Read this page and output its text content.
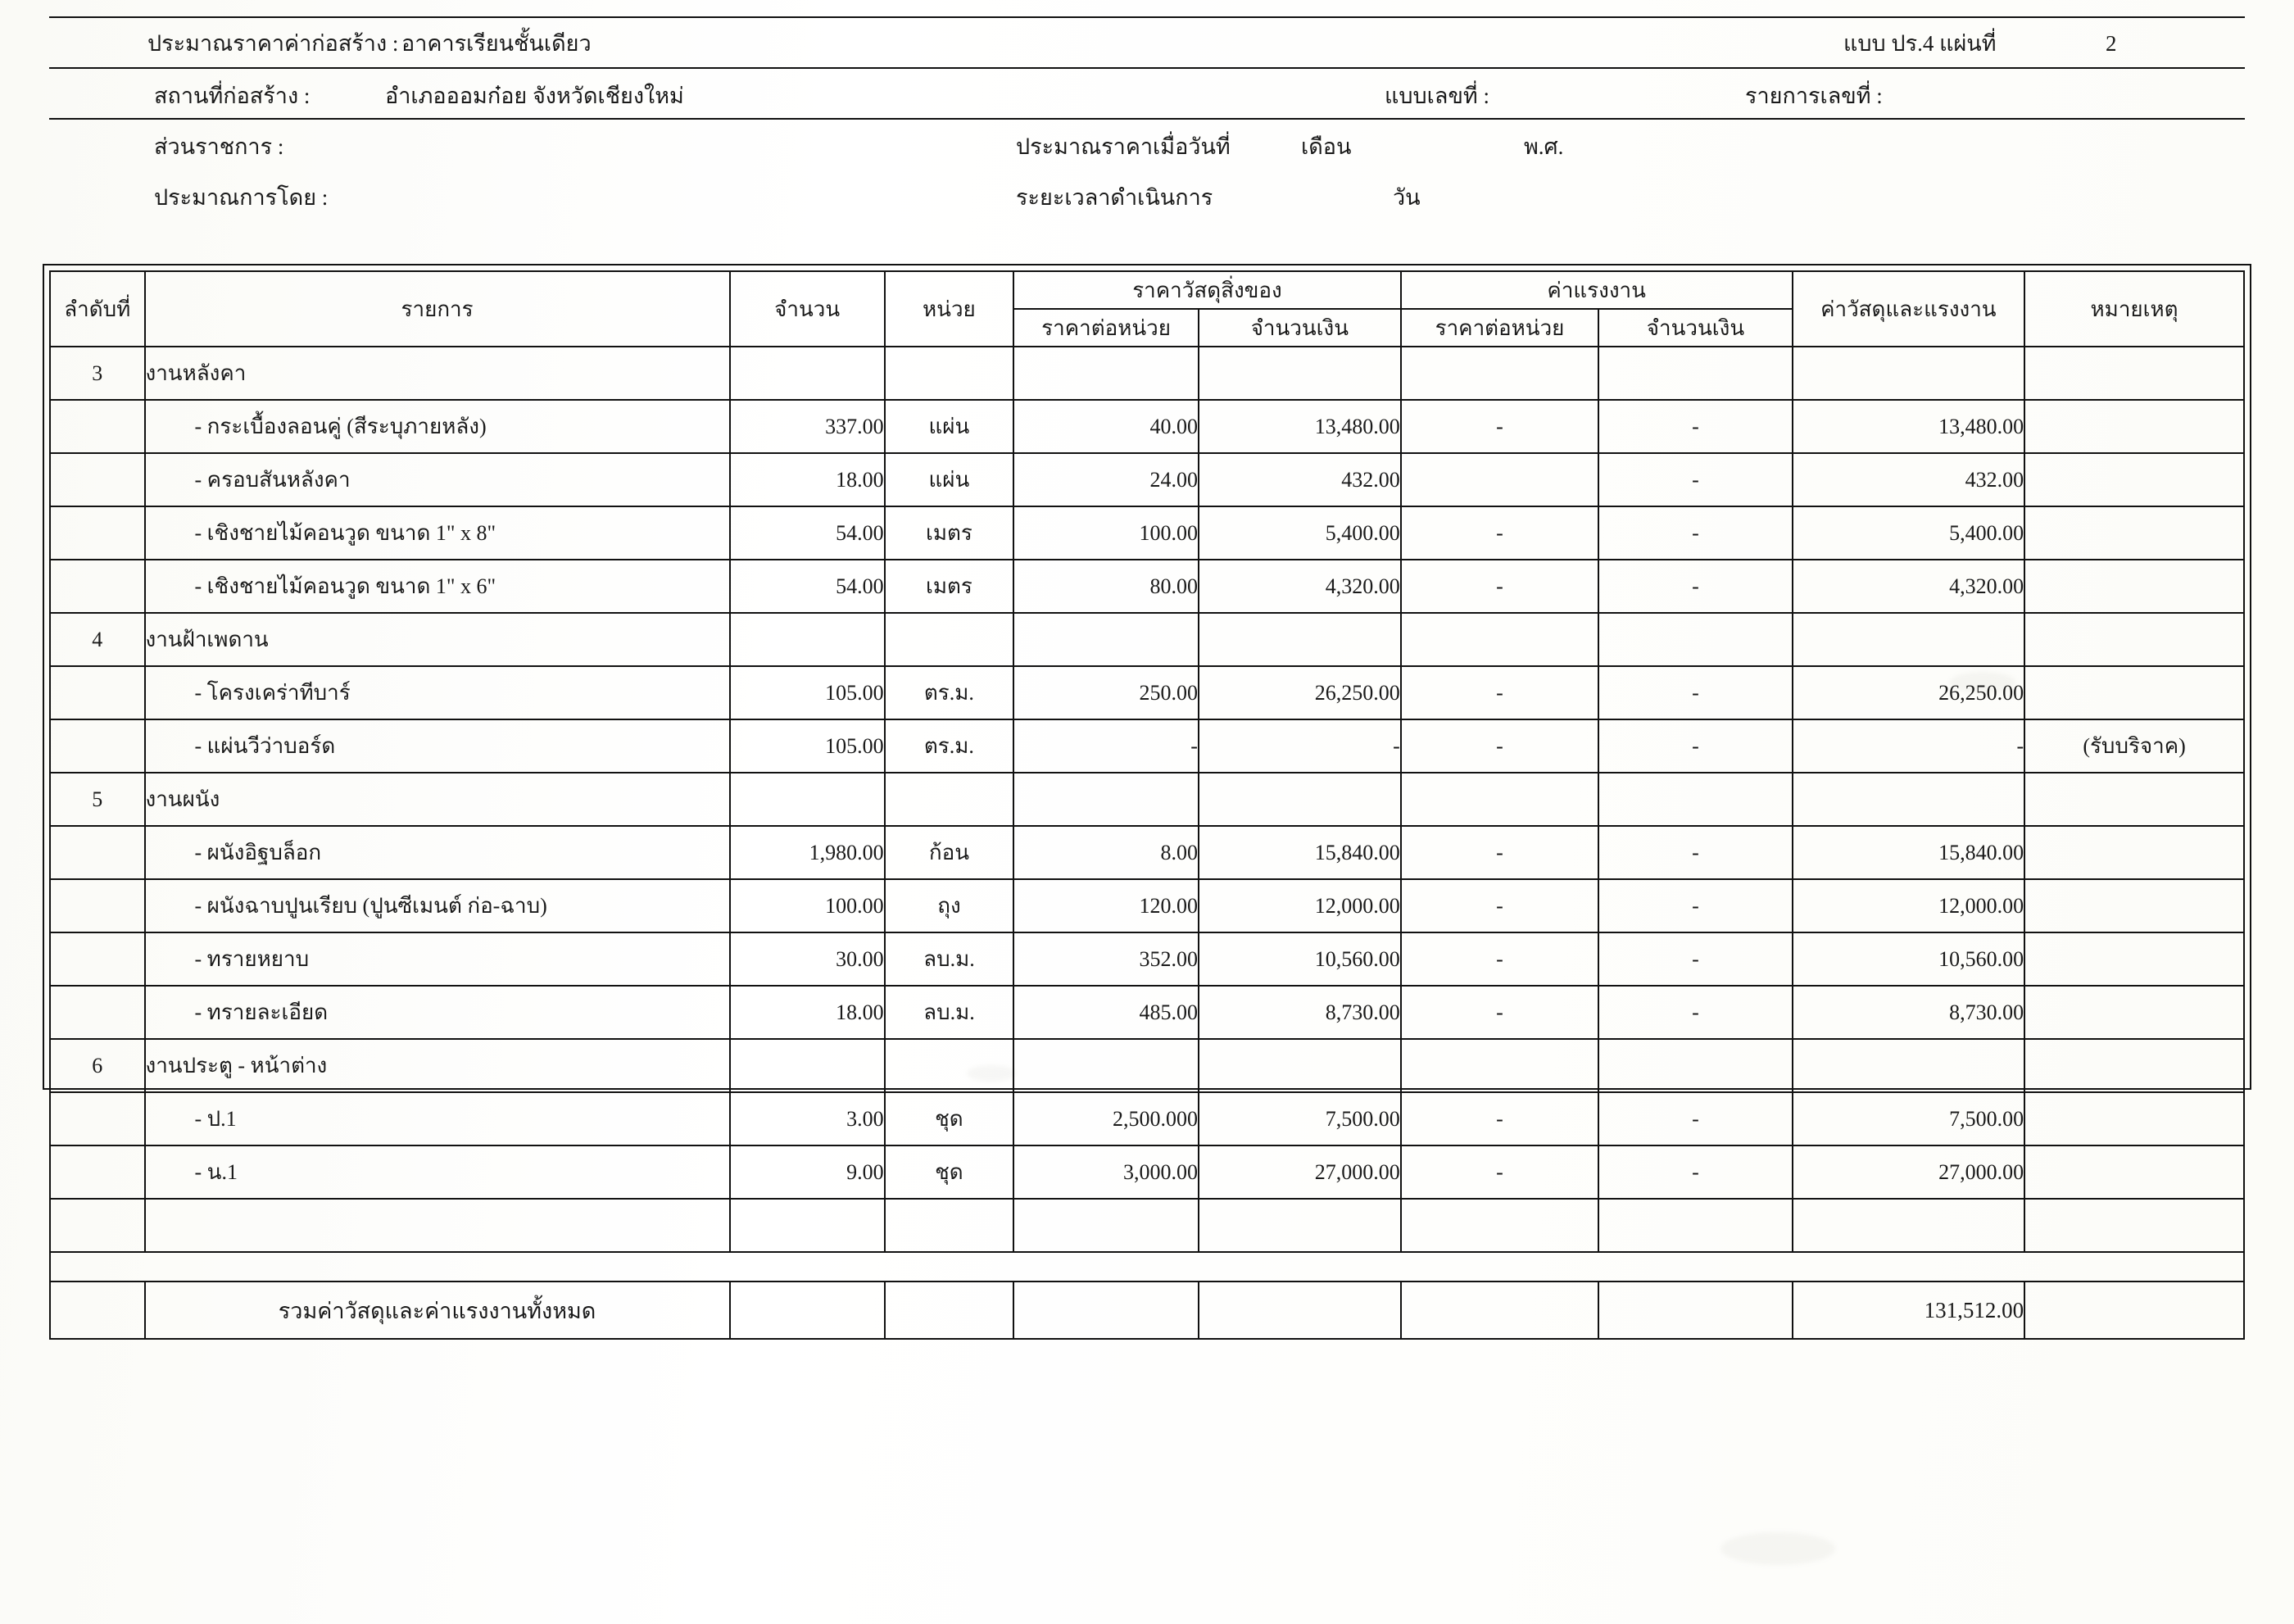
ประมาณราคาค่าก่อสร้าง : อาคารเรียนชั้นเดียว	แบบ ปร.4 แผ่นที่	2
สถานที่ก่อสร้าง :	อำเภอออมก๋อย จังหวัดเชียงใหม่	แบบเลขที่ :	รายการเลขที่ :
ส่วนราชการ :	ประมาณราคาเมื่อวันที่	เดือน	พ.ศ.
ประมาณการโดย :	ระยะเวลาดำเนินการ	วัน
ลำดับที่	รายการ	จำนวน	หน่วย	ราคาวัสดุสิ่งของ		ค่าแรงงาน		ค่าวัสดุและแรงงาน	หมายเหตุ
				ราคาต่อหน่วย	จำนวนเงิน	ราคาต่อหน่วย	จำนวนเงิน		
3	งานหลังคา								
	- กระเบื้องลอนคู่ (สีระบุภายหลัง)	337.00	แผ่น	40.00	13,480.00	-	-	13,480.00	
	- ครอบสันหลังคา	18.00	แผ่น	24.00	432.00		-	432.00	
	- เชิงชายไม้คอนวูด ขนาด 1" x 8"	54.00	เมตร	100.00	5,400.00	-	-	5,400.00	
	- เชิงชายไม้คอนวูด ขนาด 1" x 6"	54.00	เมตร	80.00	4,320.00	-	-	4,320.00	
4	งานฝ้าเพดาน								
	- โครงเคร่าทีบาร์	105.00	ตร.ม.	250.00	26,250.00	-	-	26,250.00	
	- แผ่นวีว่าบอร์ด	105.00	ตร.ม.	-	-	-	-	-	(รับบริจาค)
5	งานผนัง								
	- ผนังอิฐบล็อก	1,980.00	ก้อน	8.00	15,840.00	-	-	15,840.00	
	- ผนังฉาบปูนเรียบ (ปูนซีเมนต์ ก่อ-ฉาบ)	100.00	ถุง	120.00	12,000.00	-	-	12,000.00	
	- ทรายหยาบ	30.00	ลบ.ม.	352.00	10,560.00	-	-	10,560.00	
	- ทรายละเอียด	18.00	ลบ.ม.	485.00	8,730.00	-	-	8,730.00	
6	งานประตู - หน้าต่าง								
	- ป.1	3.00	ชุด	2,500.000	7,500.00	-	-	7,500.00	
	- น.1	9.00	ชุด	3,000.00	27,000.00	-	-	27,000.00	

	รวมค่าวัสดุและค่าแรงงานทั้งหมด							131,512.00	
